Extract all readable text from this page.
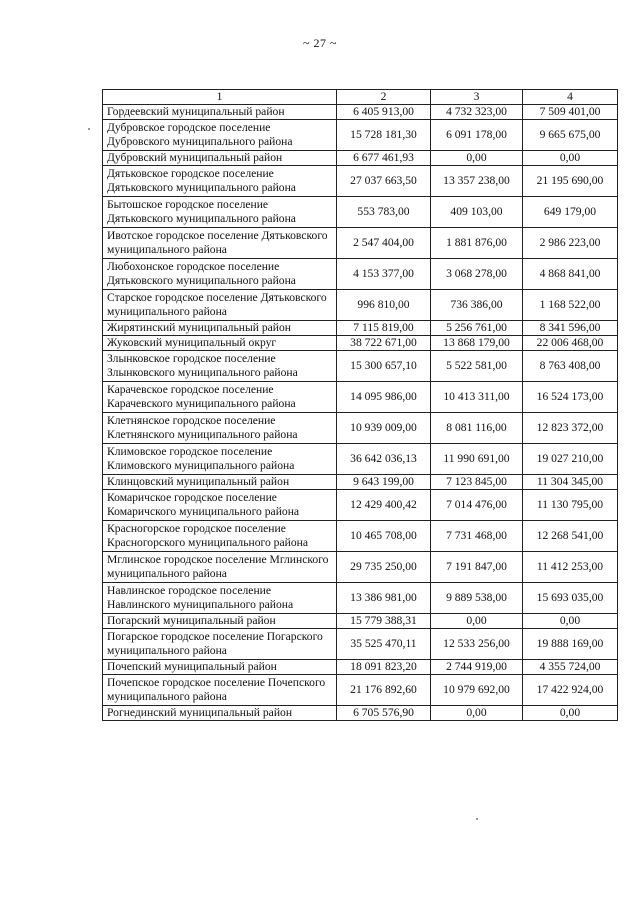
~ 27 ~
1	2	3	4
Гордеевский муниципальный район	6 405 913,00	4 732 323,00	7 509 401,00
Дубровское городское поселение Дубровского муниципального района	15 728 181,30	6 091 178,00	9 665 675,00
Дубровский муниципальный район	6 677 461,93	0,00	0,00
Дятьковское городское поселение Дятьковского муниципального района	27 037 663,50	13 357 238,00	21 195 690,00
Бытошское городское поселение Дятьковского муниципального района	553 783,00	409 103,00	649 179,00
Ивотское городское поселение Дятьковского муниципального района	2 547 404,00	1 881 876,00	2 986 223,00
Любохонское городское поселение Дятьковского муниципального района	4 153 377,00	3 068 278,00	4 868 841,00
Старское городское поселение Дятьковского муниципального района	996 810,00	736 386,00	1 168 522,00
Жирятинский муниципальный район	7 115 819,00	5 256 761,00	8 341 596,00
Жуковский муниципальный округ	38 722 671,00	13 868 179,00	22 006 468,00
Злынковское городское поселение Злынковского муниципального района	15 300 657,10	5 522 581,00	8 763 408,00
Карачевское городское поселение Карачевского муниципального района	14 095 986,00	10 413 311,00	16 524 173,00
Клетнянское городское поселение Клетнянского муниципального района	10 939 009,00	8 081 116,00	12 823 372,00
Климовское городское поселение Климовского муниципального района	36 642 036,13	11 990 691,00	19 027 210,00
Клинцовский муниципальный район	9 643 199,00	7 123 845,00	11 304 345,00
Комаричское городское поселение Комаричского муниципального района	12 429 400,42	7 014 476,00	11 130 795,00
Красногорское городское поселение Красногорского муниципального района	10 465 708,00	7 731 468,00	12 268 541,00
Мглинское городское поселение Мглинского муниципального района	29 735 250,00	7 191 847,00	11 412 253,00
Навлинское городское поселение Навлинского муниципального района	13 386 981,00	9 889 538,00	15 693 035,00
Погарский муниципальный район	15 779 388,31	0,00	0,00
Погарское городское поселение Погарского муниципального района	35 525 470,11	12 533 256,00	19 888 169,00
Почепский муниципальный район	18 091 823,20	2 744 919,00	4 355 724,00
Почепское городское поселение Почепского муниципального района	21 176 892,60	10 979 692,00	17 422 924,00
Рогнединский муниципальный район	6 705 576,90	0,00	0,00
